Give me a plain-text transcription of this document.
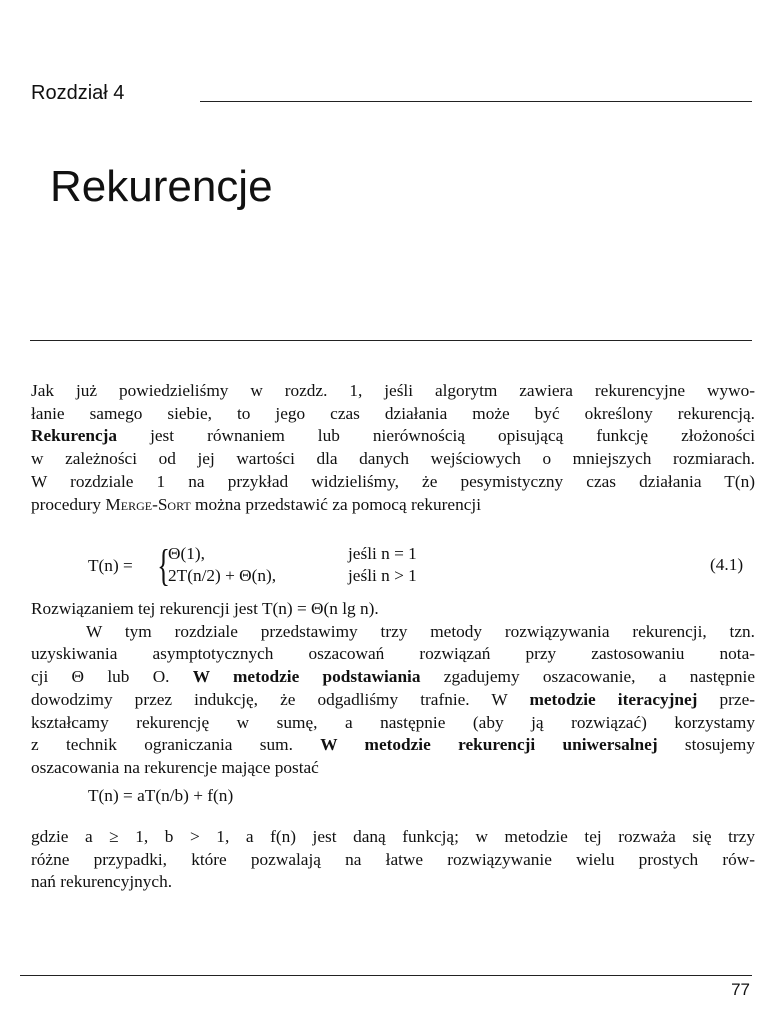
Rozdział 4
Rekurencje
Jak już powiedzieliśmy w rozdz. 1, jeśli algorytm zawiera rekurencyjne wywo-
łanie samego siebie, to jego czas działania może być określony rekurencją.
Rekurencja jest równaniem lub nierównością opisującą funkcję złożoności
w zależności od jej wartości dla danych wejściowych o mniejszych rozmiarach.
W rozdziale 1 na przykład widzieliśmy, że pesymistyczny czas działania T(n)
procedury Merge-Sort można przedstawić za pomocą rekurencji
T(n) = {
Θ(1),
2T(n/2) + Θ(n),
jeśli n = 1
jeśli n > 1
(4.1)
Rozwiązaniem tej rekurencji jest T(n) = Θ(n lg n).
W tym rozdziale przedstawimy trzy metody rozwiązywania rekurencji, tzn.
uzyskiwania asymptotycznych oszacowań rozwiązań przy zastosowaniu nota-
cji Θ lub O. W metodzie podstawiania zgadujemy oszacowanie, a następnie
dowodzimy przez indukcję, że odgadliśmy trafnie. W metodzie iteracyjnej prze-
kształcamy rekurencję w sumę, a następnie (aby ją rozwiązać) korzystamy
z technik ograniczania sum. W metodzie rekurencji uniwersalnej stosujemy
oszacowania na rekurencje mające postać
T(n) = aT(n/b) + f(n)
gdzie a ≥ 1, b > 1, a f(n) jest daną funkcją; w metodzie tej rozważa się trzy
różne przypadki, które pozwalają na łatwe rozwiązywanie wielu prostych rów-
nań rekurencyjnych.
77
